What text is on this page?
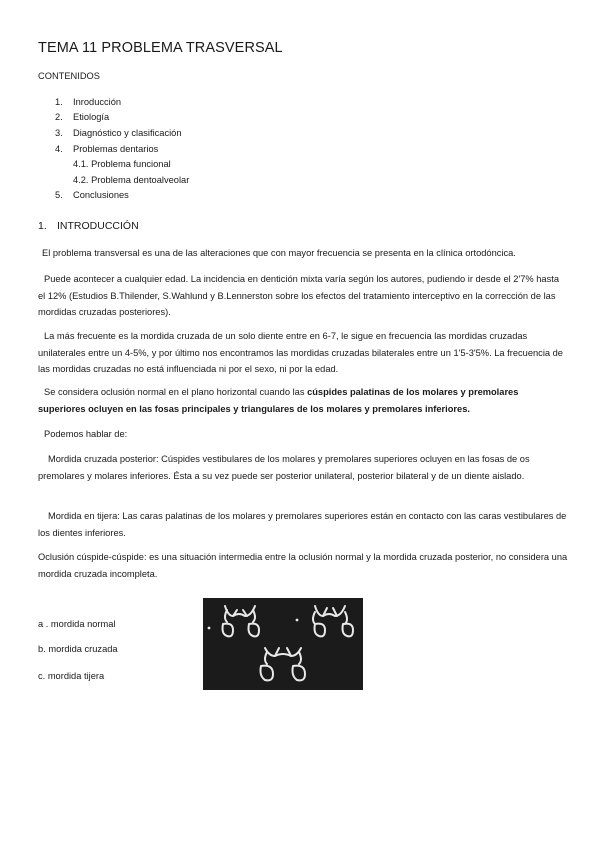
TEMA 11 PROBLEMA TRASVERSAL
CONTENIDOS
1. Inroducción
2. Etiología
3. Diagnóstico y clasificación
4. Problemas dentarios
4.1. Problema funcional
4.2. Problema dentoalveolar
5. Conclusiones
1. INTRODUCCIÓN

El problema transversal es una de las alteraciones que con mayor frecuencia se presenta en la clínica ortodóncica.

Puede acontecer a cualquier edad. La incidencia en dentición mixta varía según los autores, pudiendo ir desde el 2'7% hasta el 12% (Estudios B.Thilender, S.Wahlund y B.Lennerston sobre los efectos del tratamiento interceptivo en la corrección de las mordidas cruzadas posteriores).

La más frecuente es la mordida cruzada de un solo diente entre en 6-7, le sigue en frecuencia las mordidas cruzadas unilaterales entre un 4-5%, y por último nos encontramos las mordidas cruzadas bilaterales entre un 1'5-3'5%. La frecuencia de las mordidas cruzadas no está influenciada ni por el sexo, ni por la edad.

Se considera oclusión normal en el plano horizontal cuando las cúspides palatinas de los molares y premolares superiores ocluyen en las fosas principales y triangulares de los molares y premolares inferiores.

Podemos hablar de:

Mordida cruzada posterior: Cúspides vestibulares de los molares y premolares superiores ocluyen en las fosas de os premolares y molares inferiores. Ésta a su vez puede ser posterior unilateral, posterior bilateral y de un diente aislado.

Mordida en tijera: Las caras palatinas de los molares y premolares superiores están en contacto con las caras vestibulares de los dientes inferiores.

Oclusión cúspide-cúspide: es una situación intermedia entre la oclusión normal y la mordida cruzada posterior, no considera una mordida cruzada incompleta.

a . mordida normal
b. mordida cruzada
c. mordida tijera
